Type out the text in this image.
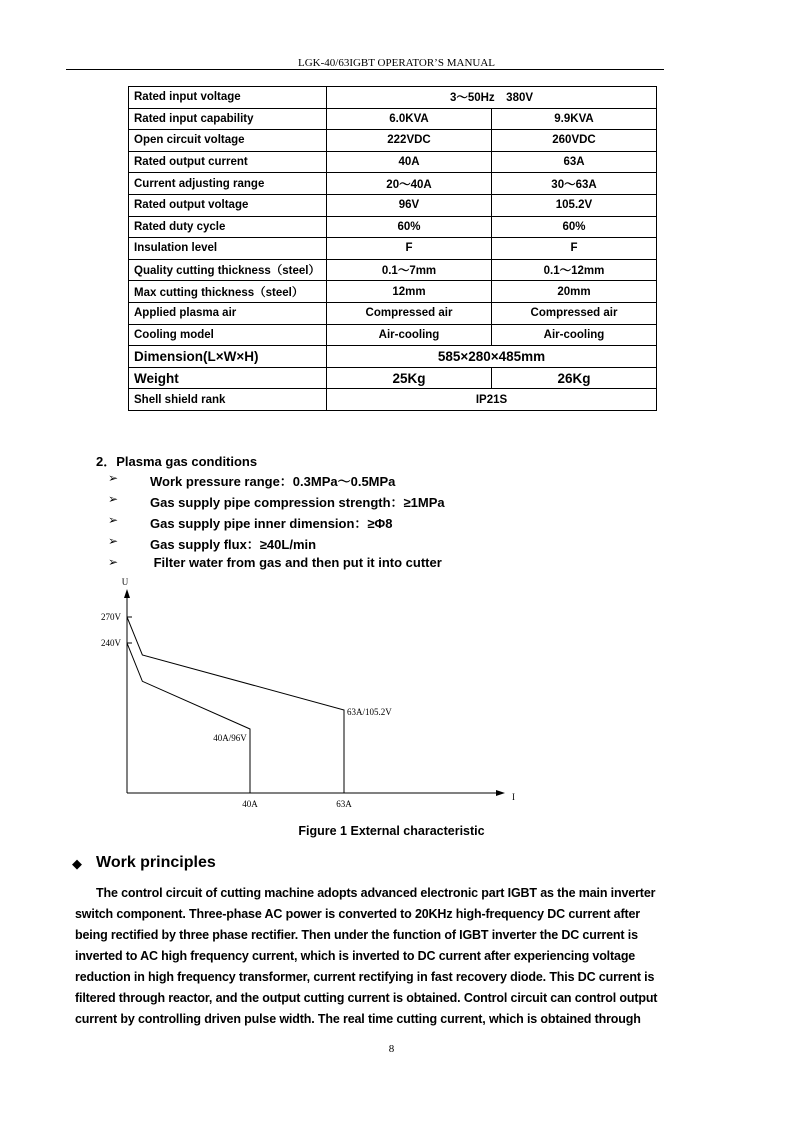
LGK-40/63IGBT OPERATOR’S MANUAL
Rated input voltage	3～50Hz　380V	
Rated input capability	6.0KVA	9.9KVA
Open circuit voltage	222VDC	260VDC
Rated output current	40A	63A
Current adjusting range	20～40A	30～63A
Rated output voltage	96V	105.2V
Rated duty cycle	60%	60%
Insulation level	F	F
Quality cutting thickness（steel）	0.1～7mm	0.1～12mm
Max cutting thickness（steel）	12mm	20mm
Applied plasma air	Compressed air	Compressed air
Cooling model	Air-cooling	Air-cooling
Dimension(L×W×H)	585×280×485mm	
Weight	25Kg	26Kg
Shell shield rank	IP21S	
2．Plasma gas conditions
➢ Work pressure range：0.3MPa～0.5MPa
➢ Gas supply pipe compression strength：≥1MPa
➢ Gas supply pipe inner dimension：≥Φ8
➢ Gas supply flux：≥40L/min
➢ Filter water from gas and then put it into cutter
I
U
270V
240V
40A	63A
63A/105.2V
40A/96V
Figure 1 External characteristic
◆ Work principles
The control circuit of cutting machine adopts advanced electronic part IGBT as the main inverter
switch component. Three-phase AC power is converted to 20KHz high-frequency DC current after
being rectified by three phase rectifier. Then under the function of IGBT inverter the DC current is
inverted to AC high frequency current, which is inverted to DC current after experiencing voltage
reduction in high frequency transformer, current rectifying in fast recovery diode. This DC current is
filtered through reactor, and the output cutting current is obtained. Control circuit can control output
current by controlling driven pulse width. The real time cutting current, which is obtained through
8
